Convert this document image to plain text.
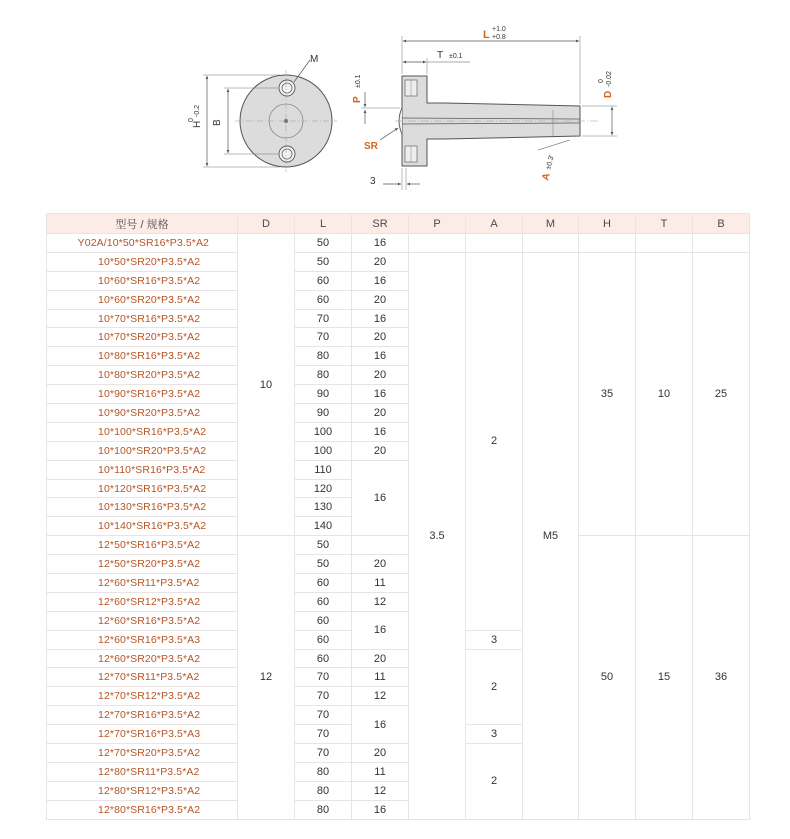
M
H
0
-0.2
B
L +1.0
+0.8
T ±0.1
P
±0.1
SR
3
D
0 -0.02
A
±0.3'
型号 / 规格	D	L	SR	P	A	M	H	T	B
Y02A/10*50*SR16*P3.5*A2	10	50	16						
10*50*SR20*P3.5*A2		50	20	3.5	2	M5	35	10	25
10*60*SR16*P3.5*A2		60	16						
10*60*SR20*P3.5*A2		60	20						
10*70*SR16*P3.5*A2		70	16						
10*70*SR20*P3.5*A2		70	20						
10*80*SR16*P3.5*A2		80	16						
10*80*SR20*P3.5*A2		80	20						
10*90*SR16*P3.5*A2		90	16						
10*90*SR20*P3.5*A2		90	20						
10*100*SR16*P3.5*A2		100	16						
10*100*SR20*P3.5*A2		100	20						
10*110*SR16*P3.5*A2		110	16						
10*120*SR16*P3.5*A2		120							
10*130*SR16*P3.5*A2		130							
10*140*SR16*P3.5*A2		140							
12*50*SR16*P3.5*A2	12	50					50	15	36
12*50*SR20*P3.5*A2		50	20						
12*60*SR11*P3.5*A2		60	11						
12*60*SR12*P3.5*A2		60	12						
12*60*SR16*P3.5*A2		60	16						
12*60*SR16*P3.5*A3		60			3				
12*60*SR20*P3.5*A2		60	20		2				
12*70*SR11*P3.5*A2		70	11						
12*70*SR12*P3.5*A2		70	12						
12*70*SR16*P3.5*A2		70	16						
12*70*SR16*P3.5*A3		70			3				
12*70*SR20*P3.5*A2		70	20		2				
12*80*SR11*P3.5*A2		80	11						
12*80*SR12*P3.5*A2		80	12						
12*80*SR16*P3.5*A2		80	16						
